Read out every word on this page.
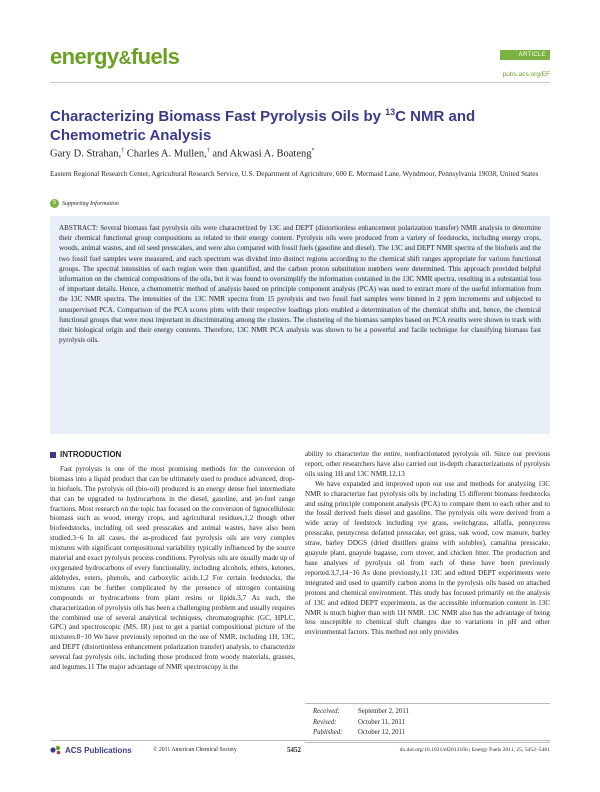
energy&fuels	ARTICLE
pubs.acs.org/EF
Characterizing Biomass Fast Pyrolysis Oils by $^{13}$C NMR and Chemometric Analysis
Gary D. Strahan,† Charles A. Mullen,† and Akwasi A. Boateng*
Eastern Regional Research Center, Agricultural Research Service, U.S. Department of Agriculture, 600 E. Mermaid Lane, Wyndmoor, Pennsylvania 19038, United States
S Supporting Information
ABSTRACT: Several biomass fast pyrolysis oils were characterized by 13C and DEPT (distortionless enhancement polarization transfer) NMR analysis to determine their chemical functional group compositions as related to their energy content. Pyrolysis oils were produced from a variety of feedstocks, including energy crops, woods, animal wastes, and oil seed presscakes, and were also compared with fossil fuels (gasoline and diesel). The 13C and DEPT NMR spectra of the biofuels and the two fossil fuel samples were measured, and each spectrum was divided into distinct regions according to the chemical shift ranges appropriate for various functional groups. The spectral intensities of each region were then quantified, and the carbon proton substitution numbers were determined. This approach provided helpful information on the chemical compositions of the oils, but it was found to oversimplify the information contained in the 13C NMR spectra, resulting in a substantial loss of important details. Hence, a chemometric method of analysis based on principle component analysis (PCA) was used to extract more of the useful information from the 13C NMR spectra. The intensities of the 13C NMR spectra from 15 pyrolysis and two fossil fuel samples were binned in 2 ppm increments and subjected to unsupervised PCA. Comparison of the PCA scores plots with their respective loadings plots enabled a determination of the chemical shifts and, hence, the chemical functional groups that were most important in discriminating among the clusters. The clustering of the biomass samples based on PCA results were shown to track with their biological origin and their energy contents. Therefore, 13C NMR PCA analysis was shown to be a powerful and facile technique for classifying biomass fast pyrolysis oils.
INTRODUCTION

Fast pyrolysis is one of the most promising methods for the conversion of biomass into a liquid product that can be ultimately used to produce advanced, drop-in biofuels. The pyrolysis oil (bio-oil) produced is an energy dense fuel intermediate that can be upgraded to hydrocarbons in the diesel, gasoline, and jet-fuel range fractions. Most research on the topic has focused on the conversion of lignocellulosic biomass such as wood, energy crops, and agricultural residues,1,2 though other biofeedstocks, including oil seed presscakes and animal wastes, have also been studied.3−6 In all cases, the as-produced fast pyrolysis oils are very complex mixtures with significant compositional variability typically influenced by the source material and exact pyrolysis process conditions. Pyrolysis oils are usually made up of oxygenated hydrocarbons of every functionality, including alcohols, ethers, ketones, aldehydes, esters, phenols, and carboxylic acids.1,2 For certain feedstocks, the mixtures can be further complicated by the presence of nitrogen containing compounds or hydrocarbons from plant resins or lipids.3,7 As such, the characterization of pyrolysis oils has been a challenging problem and usually requires the combined use of several analytical techniques, chromatographic (GC, HPLC, GPC) and spectroscopic (MS, IR) just to get a partial compositional picture of the mixtures.8−10 We have previously reported on the use of NMR, including 1H, 13C, and DEPT (distortionless enhancement polarization transfer) analysis, to characterize several fast pyrolysis oils, including those produced from woody materials, grasses, and legumes.11 The major advantage of NMR spectroscopy is the

ability to characterize the entire, nonfractionated pyrolysis oil. Since our previous report, other researchers have also carried out in-depth characterizations of pyrolysis oils using 1H and 13C NMR.12,13

We have expanded and improved upon our use and methods for analyzing 13C NMR to characterize fast pyrolysis oils by including 15 different biomass feedstocks and using principle component analysis (PCA) to compare them to each other and to the fossil derived fuels diesel and gasoline. The pyrolysis oils were derived from a wide array of feedstock including rye grass, switchgrass, alfalfa, pennycress presscake, pennycress defatted presscake, eel grass, oak wood, cow manure, barley straw, barley DDGS (dried distillers grains with solubles), camalina presscake, guayule plant, guayule bagasse, corn stover, and chicken litter. The production and base analyses of pyrolysis oil from each of these have been previously reported.3,7,14−16 As done previously,11 13C and edited DEPT experiments were integrated and used to quantify carbon atoms in the pyrolysis oils based on attached protons and chemical environment. This study has focused primarily on the analysis of 13C and edited DEPT experiments, as the accessible information content in 13C NMR is much higher than with 1H NMR. 13C NMR also has the advantage of being less susceptible to chemical shift changes due to variations in pH and other environmental factors. This method not only provides

Received:	September 2, 2011
Revised:	October 11, 2011
Published:	October 12, 2011
ACS Publications	© 2011 American Chemical Society	5452	dx.doi.org/10.1021/ef201316b | Energy Fuels 2011, 25, 5452–5461
